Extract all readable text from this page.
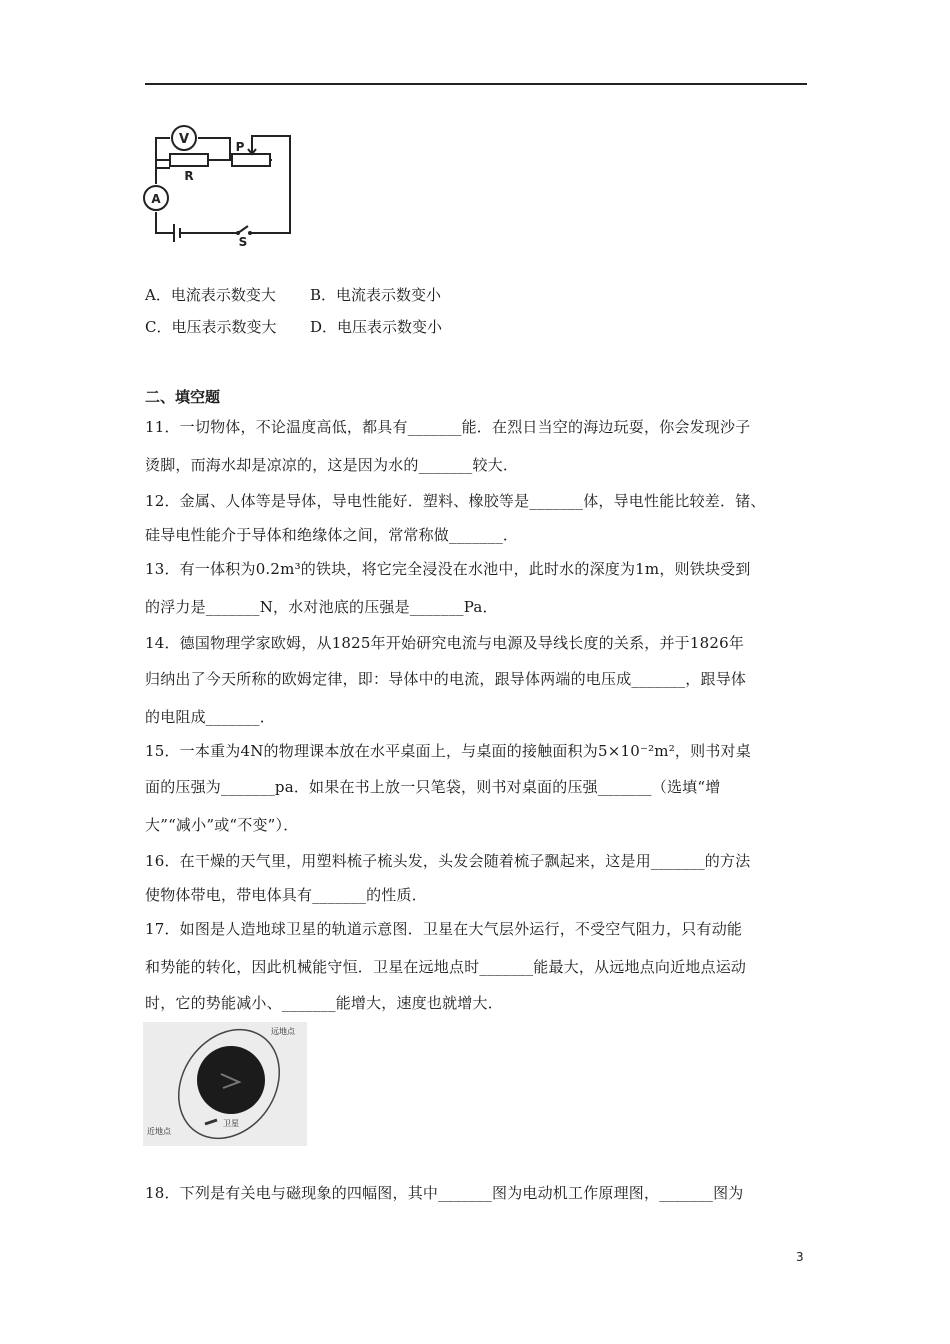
V
R
P
A
S
A．电流表示数变大 B．电流表示数变小
C．电压表示数变大 D．电压表示数变小
二、填空题
11．一切物体，不论温度高低，都具有_______能．在烈日当空的海边玩耍，你会发现沙子
烫脚，而海水却是凉凉的，这是因为水的_______较大．
12．金属、人体等是导体，导电性能好．塑料、橡胶等是_______体，导电性能比较差．锗、
硅导电性能介于导体和绝缘体之间，常常称做_______．
13．有一体积为0.2m³的铁块，将它完全浸没在水池中，此时水的深度为1m，则铁块受到
的浮力是_______N，水对池底的压强是_______Pa．
14．德国物理学家欧姆，从1825年开始研究电流与电源及导线长度的关系，并于1826年
归纳出了今天所称的欧姆定律，即：导体中的电流，跟导体两端的电压成_______，跟导体
的电阻成_______．
15．一本重为4N的物理课本放在水平桌面上，与桌面的接触面积为5×10⁻²m²，则书对桌
面的压强为_______pa．如果在书上放一只笔袋，则书对桌面的压强_______（选填“增
大”“减小”或“不变”）．
16．在干燥的天气里，用塑料梳子梳头发，头发会随着梳子飘起来，这是用_______的方法
使物体带电，带电体具有_______的性质．
17．如图是人造地球卫星的轨道示意图．卫星在大气层外运行，不受空气阻力，只有动能
和势能的转化，因此机械能守恒．卫星在远地点时_______能最大，从远地点向近地点运动
时，它的势能减小、_______能增大，速度也就增大．
远地点
近地点
卫星
18．下列是有关电与磁现象的四幅图，其中_______图为电动机工作原理图，_______图为
3
